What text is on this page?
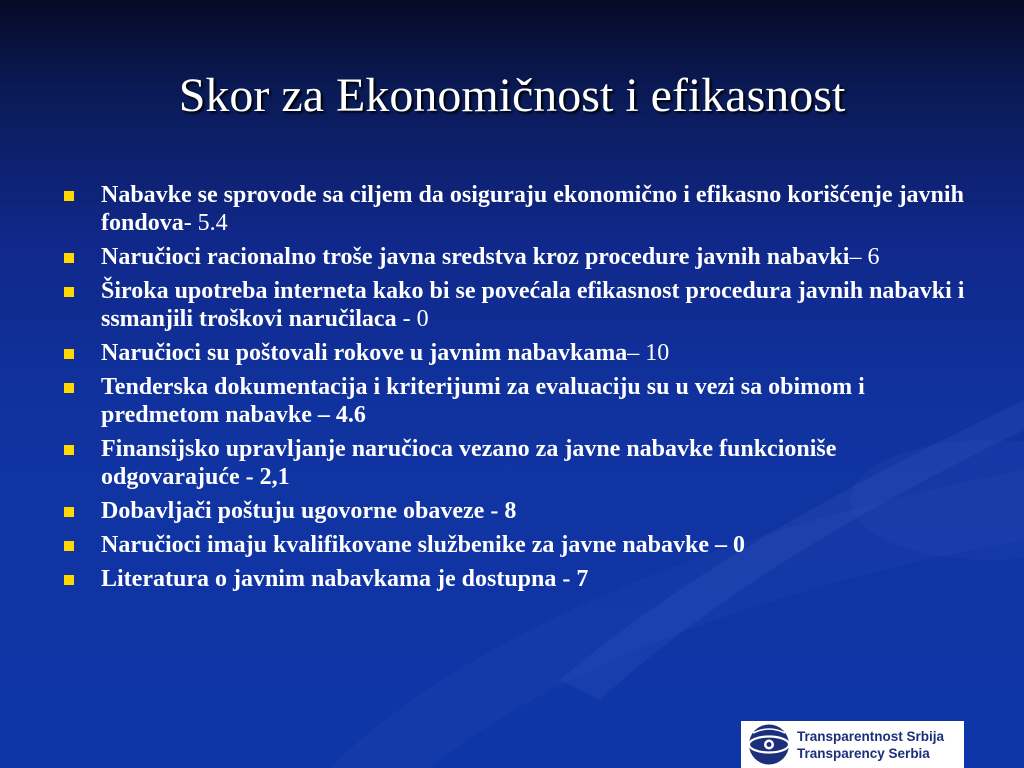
Skor za Ekonomičnost i efikasnost
Nabavke se sprovode sa ciljem da osiguraju ekonomično i efikasno korišćenje javnih fondova- 5.4
Naručioci racionalno troše javna sredstva kroz procedure javnih nabavki– 6
Široka upotreba interneta kako bi se povećala efikasnost procedura javnih nabavki i ssmanjili troškovi naručilaca - 0
Naručioci su poštovali rokove u javnim nabavkama– 10
Tenderska dokumentacija i kriterijumi za evaluaciju su u vezi sa obimom i predmetom nabavke – 4.6
Finansijsko upravljanje naručioca vezano za javne nabavke funkcioniše odgovarajuće - 2,1
Dobavljači poštuju ugovorne obaveze - 8
Naručioci imaju kvalifikovane službenike za javne nabavke – 0
Literatura o javnim nabavkama je dostupna - 7
Transparentnost Srbija
Transparency Serbia
